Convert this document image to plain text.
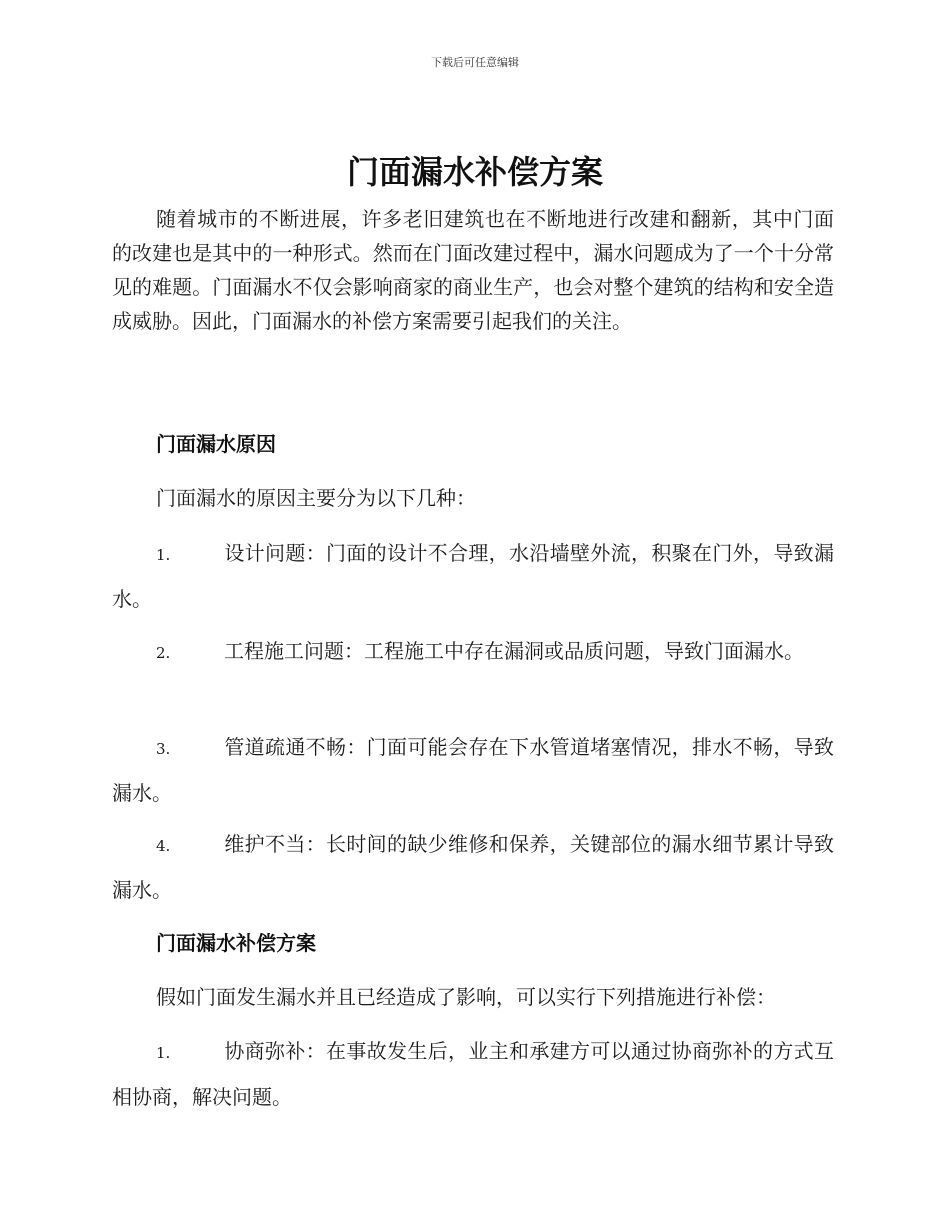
下载后可任意编辑
门面漏水补偿方案

随着城市的不断进展，许多老旧建筑也在不断地进行改建和翻新，其中门面的改建也是其中的一种形式。然而在门面改建过程中，漏水问题成为了一个十分常见的难题。门面漏水不仅会影响商家的商业生产，也会对整个建筑的结构和安全造成威胁。因此，门面漏水的补偿方案需要引起我们的关注。

门面漏水原因

门面漏水的原因主要分为以下几种：

1.	设计问题：门面的设计不合理，水沿墙壁外流，积聚在门外，导致漏水。

2.	工程施工问题：工程施工中存在漏洞或品质问题，导致门面漏水。

3.	管道疏通不畅：门面可能会存在下水管道堵塞情况，排水不畅，导致漏水。

4.	维护不当：长时间的缺少维修和保养，关键部位的漏水细节累计导致漏水。

门面漏水补偿方案

假如门面发生漏水并且已经造成了影响，可以实行下列措施进行补偿：

1.	协商弥补：在事故发生后，业主和承建方可以通过协商弥补的方式互相协商，解决问题。
